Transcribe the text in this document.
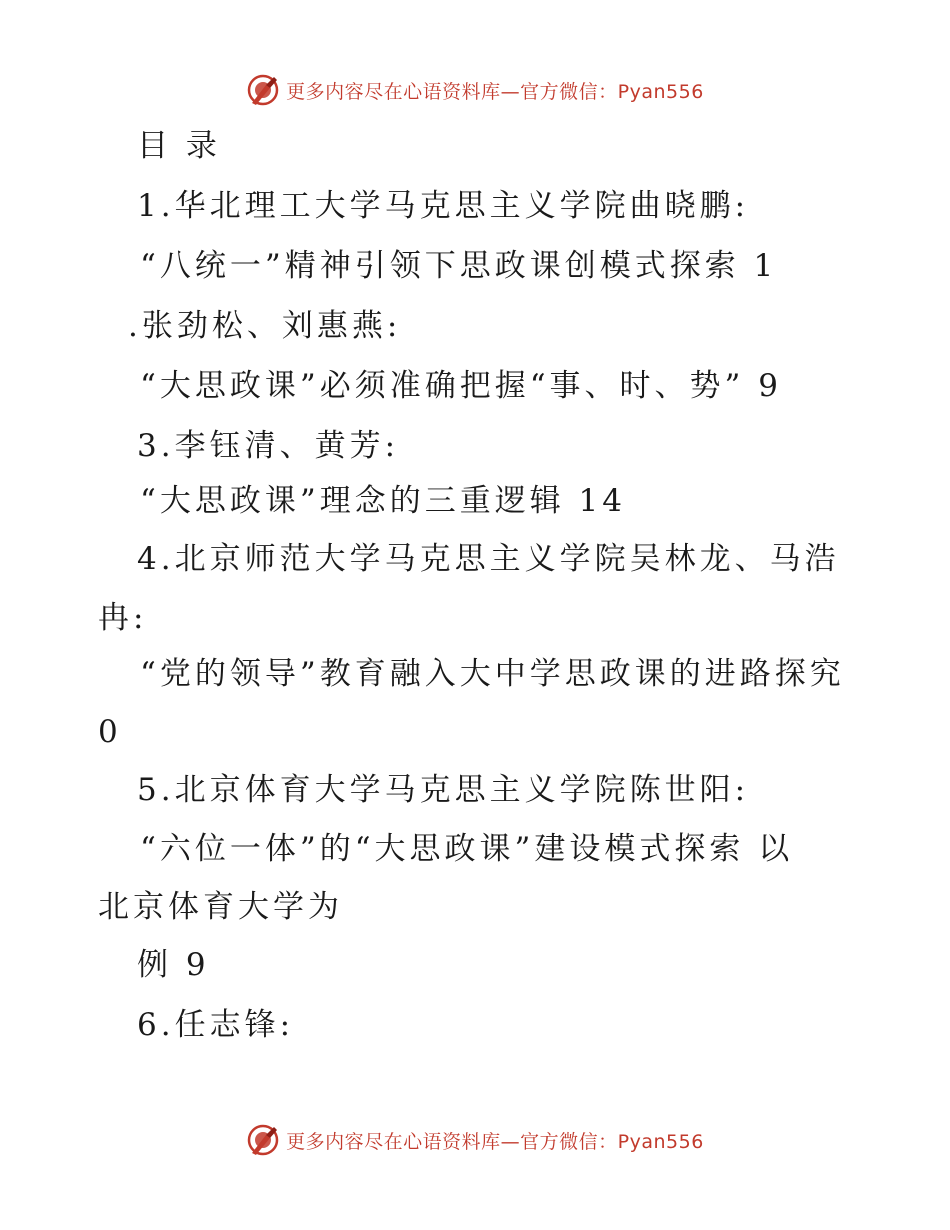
更多内容尽在心语资料库—官方微信：Pyan556
目 录
1.华北理工大学马克思主义学院曲晓鹏:
“八统一”精神引领下思政课创模式探索 1
.张劲松、刘惠燕:
“大思政课”必须准确把握“事、时、势” 9
3.李钰清、黄芳:
“大思政课”理念的三重逻辑 14
4.北京师范大学马克思主义学院吴林龙、马浩
冉:
“党的领导”教育融入大中学思政课的进路探究
0
5.北京体育大学马克思主义学院陈世阳:
“六位一体”的“大思政课”建设模式探索 以
北京体育大学为
例 9
6.任志锋:
更多内容尽在心语资料库—官方微信：Pyan556
